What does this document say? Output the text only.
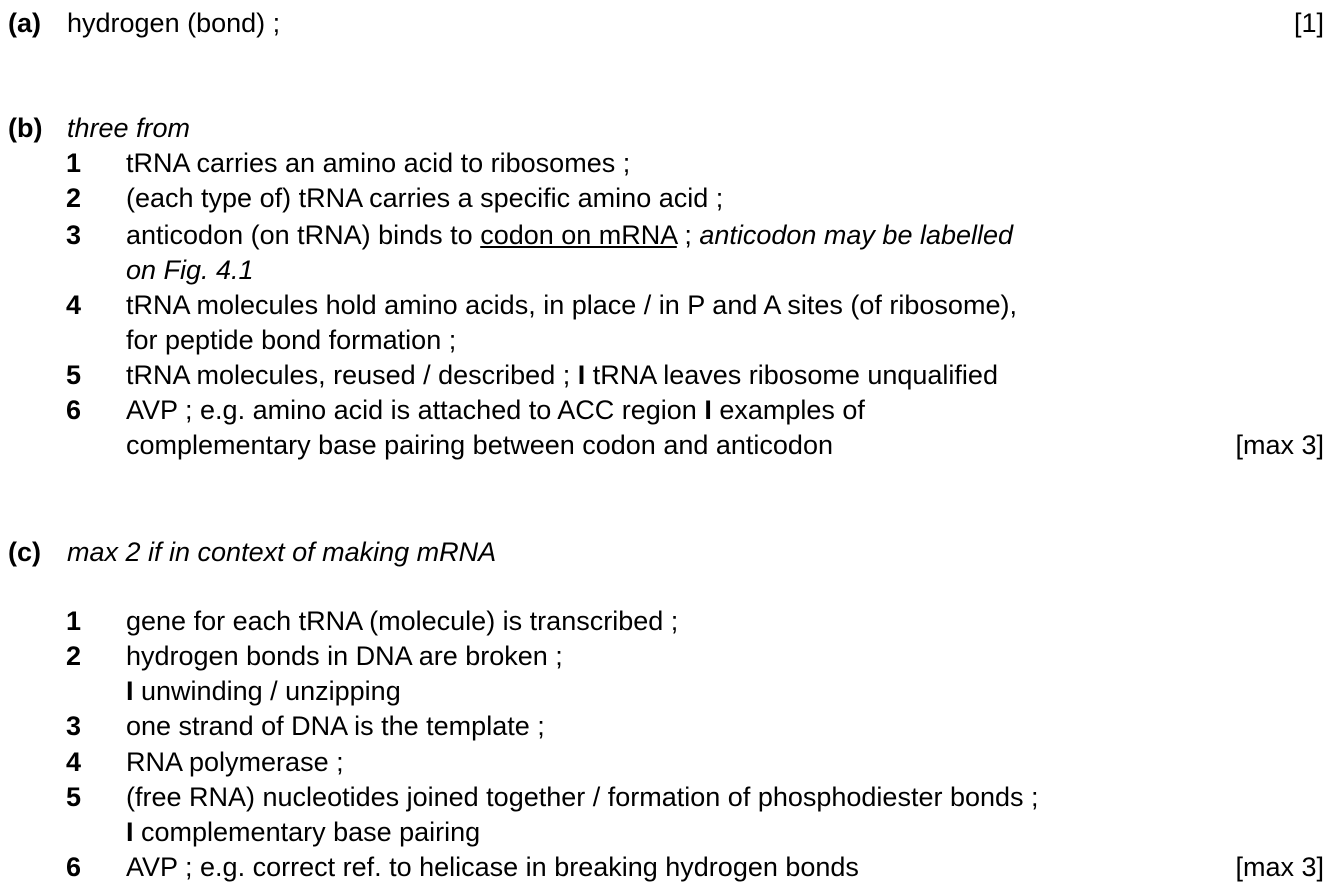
(a) hydrogen (bond) ;	[1]
(b) three from
1 tRNA carries an amino acid to ribosomes ;
2 (each type of) tRNA carries a specific amino acid ;
3 anticodon (on tRNA) binds to codon on mRNA ; anticodon may be labelled
on Fig. 4.1
4 tRNA molecules hold amino acids, in place / in P and A sites (of ribosome),
for peptide bond formation ;
5 tRNA molecules, reused / described ; I tRNA leaves ribosome unqualified
6 AVP ; e.g. amino acid is attached to ACC region I examples of
complementary base pairing between codon and anticodon	[max 3]
(c) max 2 if in context of making mRNA
1 gene for each tRNA (molecule) is transcribed ;
2 hydrogen bonds in DNA are broken ;
I unwinding / unzipping
3 one strand of DNA is the template ;
4 RNA polymerase ;
5 (free RNA) nucleotides joined together / formation of phosphodiester bonds ;
I complementary base pairing
6 AVP ; e.g. correct ref. to helicase in breaking hydrogen bonds	[max 3]
